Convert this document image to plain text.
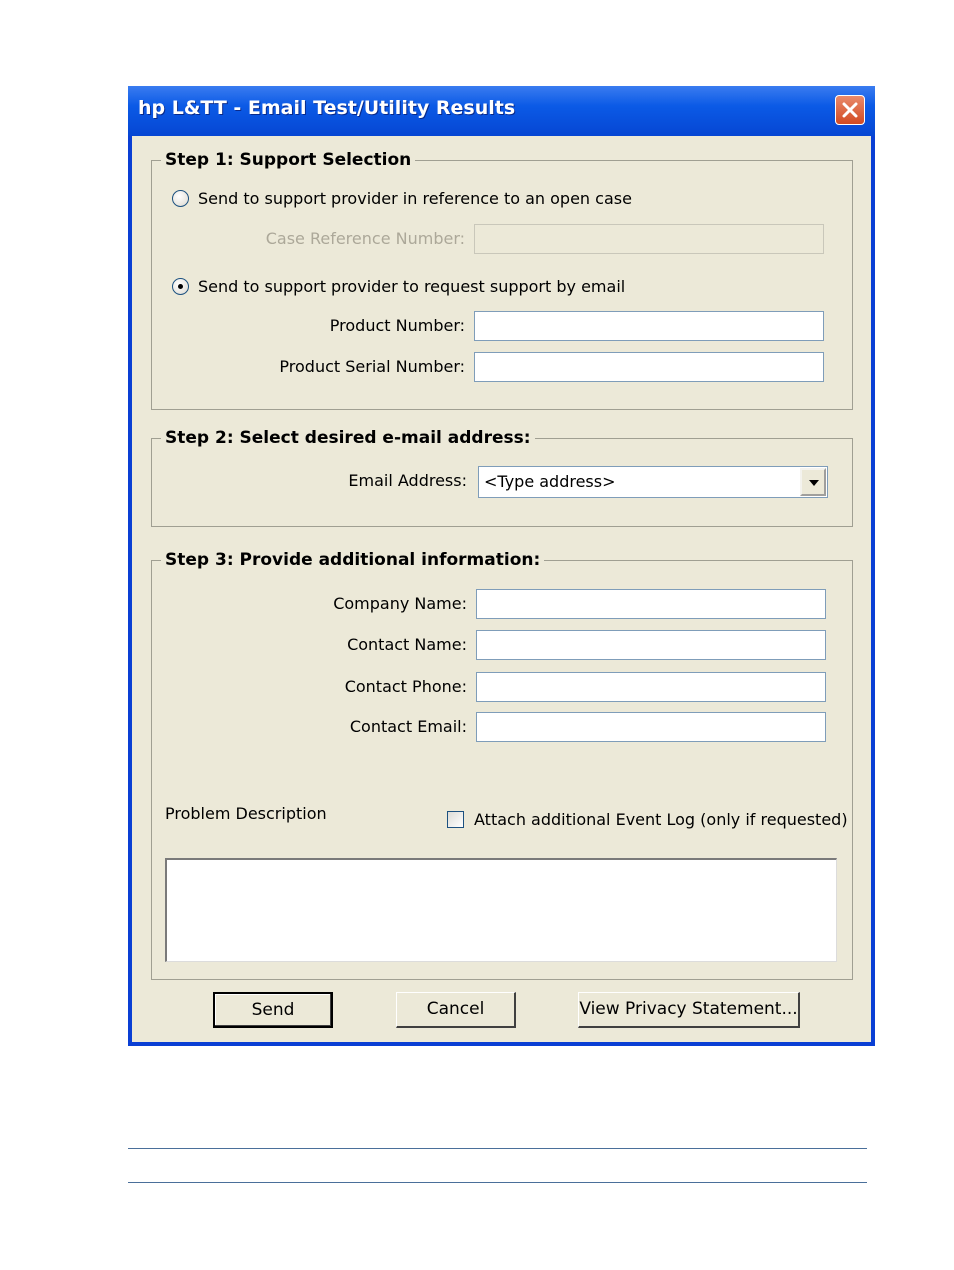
hp L&TT - Email Test/Utility Results
Step 1: Support Selection
Send to support provider in reference to an open case
Case Reference Number:
Send to support provider to request support by email
Product Number:
Product Serial Number:
Step 2: Select desired e-mail address:
Email Address: <Type address>
Step 3: Provide additional information:
Company Name:
Contact Name:
Contact Phone:
Contact Email:
Problem Description	Attach additional Event Log (only if requested)
Send	Cancel	View Privacy Statement...
